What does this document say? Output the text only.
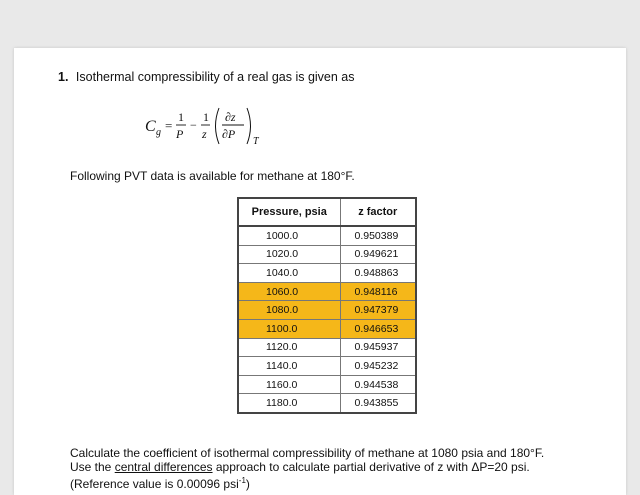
1. Isothermal compressibility of a real gas is given as
C g =
1
P
−
1
z
∂z
∂P
T
Following PVT data is available for methane at 180°F.
Pressure, psia	z factor
1000.0	0.950389
1020.0	0.949621
1040.0	0.948863
1060.0	0.948116
1080.0	0.947379
1100.0	0.946653
1120.0	0.945937
1140.0	0.945232
1160.0	0.944538
1180.0	0.943855
Calculate the coefficient of isothermal compressibility of methane at 1080 psia and 180°F.
Use the central differences approach to calculate partial derivative of z with ΔP=20 psi.
(Reference value is 0.00096 psi$^{-1}$)
